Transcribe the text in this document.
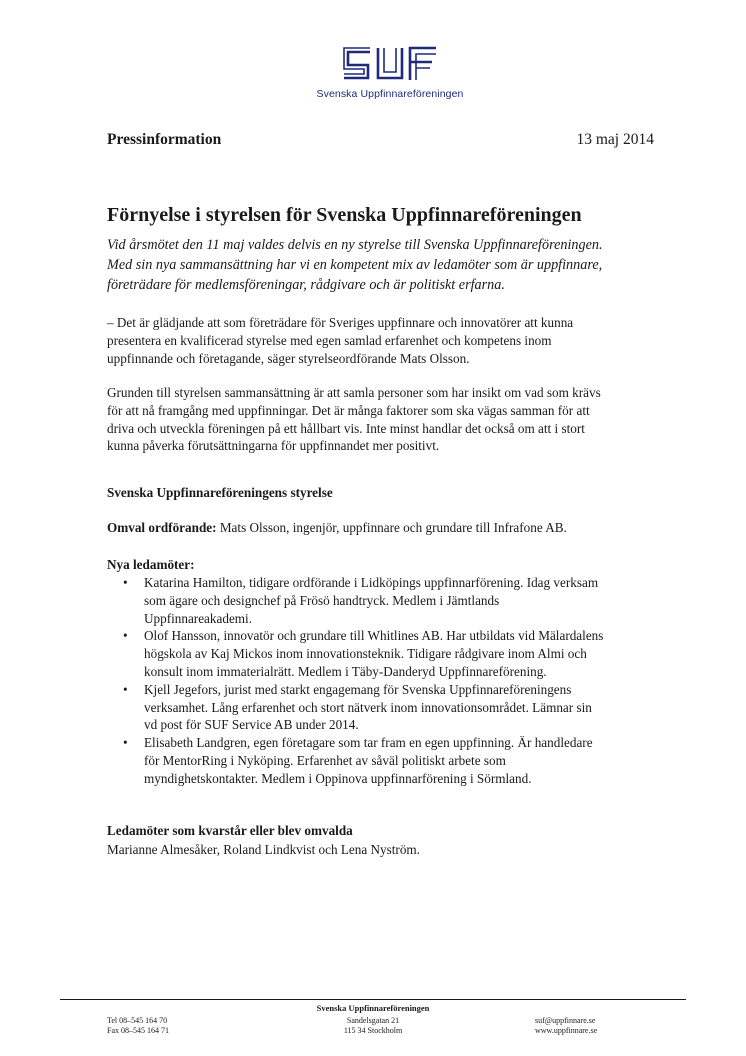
Svenska Uppfinnareföreningen
Pressinformation	13 maj 2014
Förnyelse i styrelsen för Svenska Uppfinnareföreningen
Vid årsmötet den 11 maj valdes delvis en ny styrelse till Svenska Uppfinnareföreningen.
Med sin nya sammansättning har vi en kompetent mix av ledamöter som är uppfinnare,
företrädare för medlemsföreningar, rådgivare och är politiskt erfarna.
– Det är glädjande att som företrädare för Sveriges uppfinnare och innovatörer att kunna
presentera en kvalificerad styrelse med egen samlad erfarenhet och kompetens inom
uppfinnande och företagande, säger styrelseordförande Mats Olsson.
Grunden till styrelsen sammansättning är att samla personer som har insikt om vad som krävs
för att nå framgång med uppfinningar. Det är många faktorer som ska vägas samman för att
driva och utveckla föreningen på ett hållbart vis. Inte minst handlar det också om att i stort
kunna påverka förutsättningarna för uppfinnandet mer positivt.
Svenska Uppfinnareföreningens styrelse
Omval ordförande: Mats Olsson, ingenjör, uppfinnare och grundare till Infrafone AB.
Nya ledamöter:
• Katarina Hamilton, tidigare ordförande i Lidköpings uppfinnarförening. Idag verksam
som ägare och designchef på Frösö handtryck. Medlem i Jämtlands
Uppfinnareakademi.
• Olof Hansson, innovatör och grundare till Whitlines AB. Har utbildats vid Mälardalens
högskola av Kaj Mickos inom innovationsteknik. Tidigare rådgivare inom Almi och
konsult inom immaterialrätt. Medlem i Täby-Danderyd Uppfinnareförening.
• Kjell Jegefors, jurist med starkt engagemang för Svenska Uppfinnareföreningens
verksamhet. Lång erfarenhet och stort nätverk inom innovationsområdet. Lämnar sin
vd post för SUF Service AB under 2014.
• Elisabeth Landgren, egen företagare som tar fram en egen uppfinning. Är handledare
för MentorRing i Nyköping. Erfarenhet av såväl politiskt arbete som
myndighetskontakter. Medlem i Oppinova uppfinnarförening i Sörmland.
Ledamöter som kvarstår eller blev omvalda
Marianne Almesåker, Roland Lindkvist och Lena Nyström.
Svenska Uppfinnareföreningen
Tel 08–545 164 70
Fax 08–545 164 71
Sandelsgatan 21
115 34 Stockholm
suf@uppfinnare.se
www.uppfinnare.se
